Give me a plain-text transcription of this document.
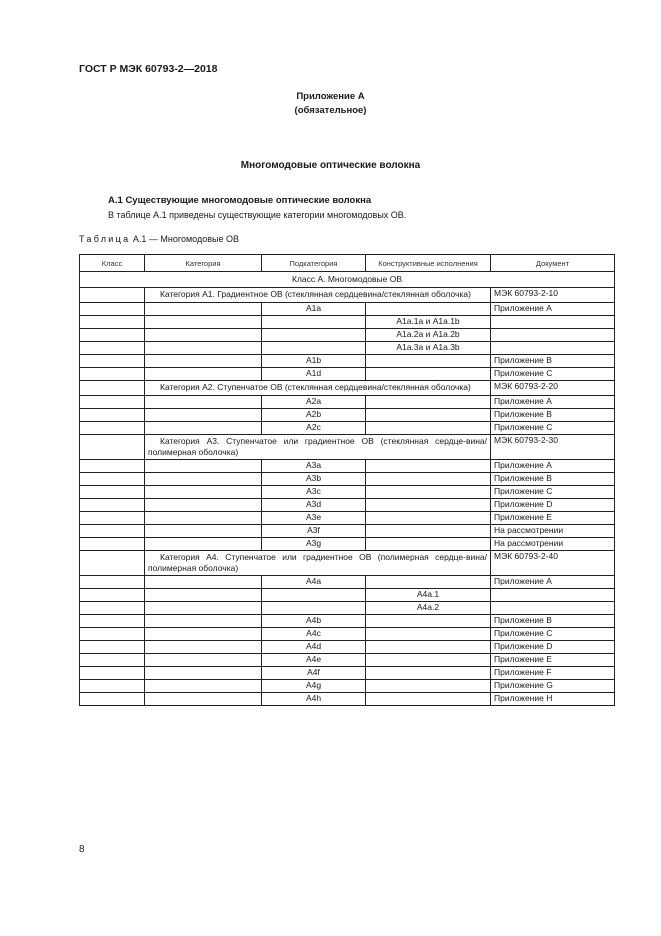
ГОСТ Р МЭК 60793-2—2018
Приложение А
(обязательное)
Многомодовые оптические волокна
А.1 Существующие многомодовые оптические волокна
В таблице А.1 приведены существующие категории многомодовых ОВ.
Таблица А.1 — Многомодовые ОВ
Класс	Категория	Подкатегория	Конструктивные исполнения	Документ
Класс А. Многомодовые ОВ				
	Категория А1. Градиентное ОВ (стеклянная сердцевина/стеклянная оболочка)			МЭК 60793-2-10
		A1a		Приложение А
			A1a.1a и A1a.1b	
			A1a.2a и A1a.2b	
			A1a.3a и A1a.3b	
		A1b		Приложение В
		A1d		Приложение С
	Категория А2. Ступенчатое ОВ (стеклянная сердцевина/стеклянная оболочка)			МЭК 60793-2-20
		A2a		Приложение А
		A2b		Приложение В
		A2c		Приложение С
	Категория А3. Ступенчатое или градиентное ОВ (стеклянная сердце-вина/полимерная оболочка)			МЭК 60793-2-30
		A3a		Приложение А
		A3b		Приложение В
		A3c		Приложение С
		A3d		Приложение D
		A3e		Приложение Е
		A3f		На рассмотрении
		A3g		На рассмотрении
	Категория А4. Ступенчатое или градиентное ОВ (полимерная сердце-вина/полимерная оболочка)			МЭК 60793-2-40
		A4a		Приложение А
			A4a.1	
			A4a.2	
		A4b		Приложение В
		A4c		Приложение С
		A4d		Приложение D
		A4e		Приложение Е
		A4f		Приложение F
		A4g		Приложение G
		A4h		Приложение Н
8
